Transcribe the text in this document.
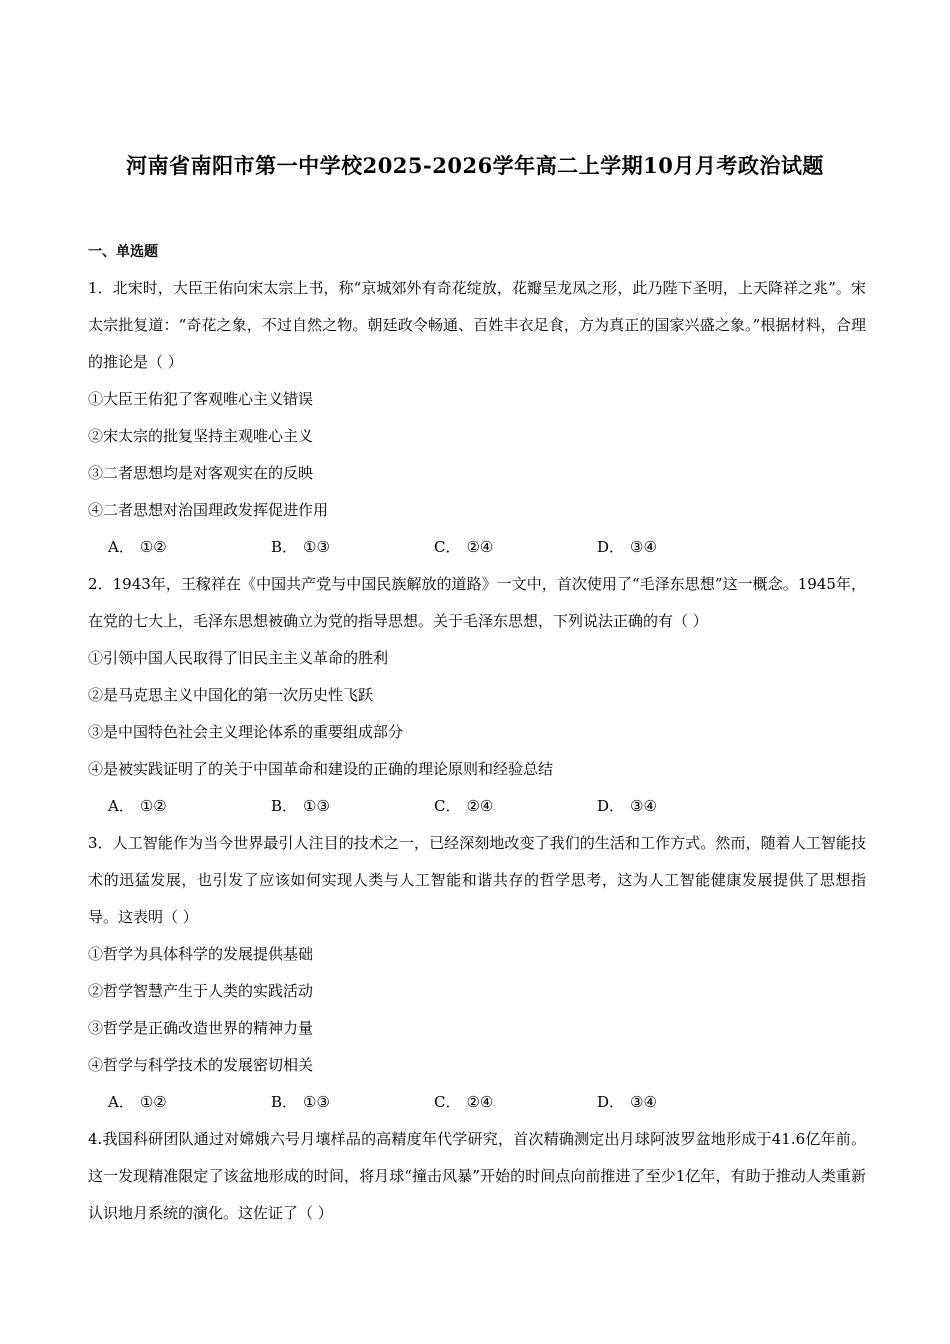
河南省南阳市第一中学校2025-2026学年高二上学期10月月考政治试题
一、单选题
1．北宋时，大臣王佑向宋太宗上书，称“京城郊外有奇花绽放，花瓣呈龙凤之形，此乃陛下圣明，上天降祥之兆”。宋太宗批复道：“奇花之象，不过自然之物。朝廷政令畅通、百姓丰衣足食，方为真正的国家兴盛之象。”根据材料，合理的推论是（ ）
①大臣王佑犯了客观唯心主义错误
②宋太宗的批复坚持主观唯心主义
③二者思想均是对客观实在的反映
④二者思想对治国理政发挥促进作用
A． ①②	B． ①③	C． ②④	D． ③④
2．1943年，王稼祥在《中国共产党与中国民族解放的道路》一文中，首次使用了“毛泽东思想”这一概念。1945年，在党的七大上，毛泽东思想被确立为党的指导思想。关于毛泽东思想，下列说法正确的有（ ）
①引领中国人民取得了旧民主主义革命的胜利
②是马克思主义中国化的第一次历史性飞跃
③是中国特色社会主义理论体系的重要组成部分
④是被实践证明了的关于中国革命和建设的正确的理论原则和经验总结
A． ①②	B． ①③	C． ②④	D． ③④
3．人工智能作为当今世界最引人注目的技术之一，已经深刻地改变了我们的生活和工作方式。然而，随着人工智能技术的迅猛发展，也引发了应该如何实现人类与人工智能和谐共存的哲学思考，这为人工智能健康发展提供了思想指导。这表明（ ）
①哲学为具体科学的发展提供基础
②哲学智慧产生于人类的实践活动
③哲学是正确改造世界的精神力量
④哲学与科学技术的发展密切相关
A． ①②	B． ①③	C． ②④	D． ③④
4.我国科研团队通过对嫦娥六号月壤样品的高精度年代学研究，首次精确测定出月球阿波罗盆地形成于41.6亿年前。这一发现精准限定了该盆地形成的时间，将月球“撞击风暴”开始的时间点向前推进了至少1亿年，有助于推动人类重新认识地月系统的演化。这佐证了（ ）
